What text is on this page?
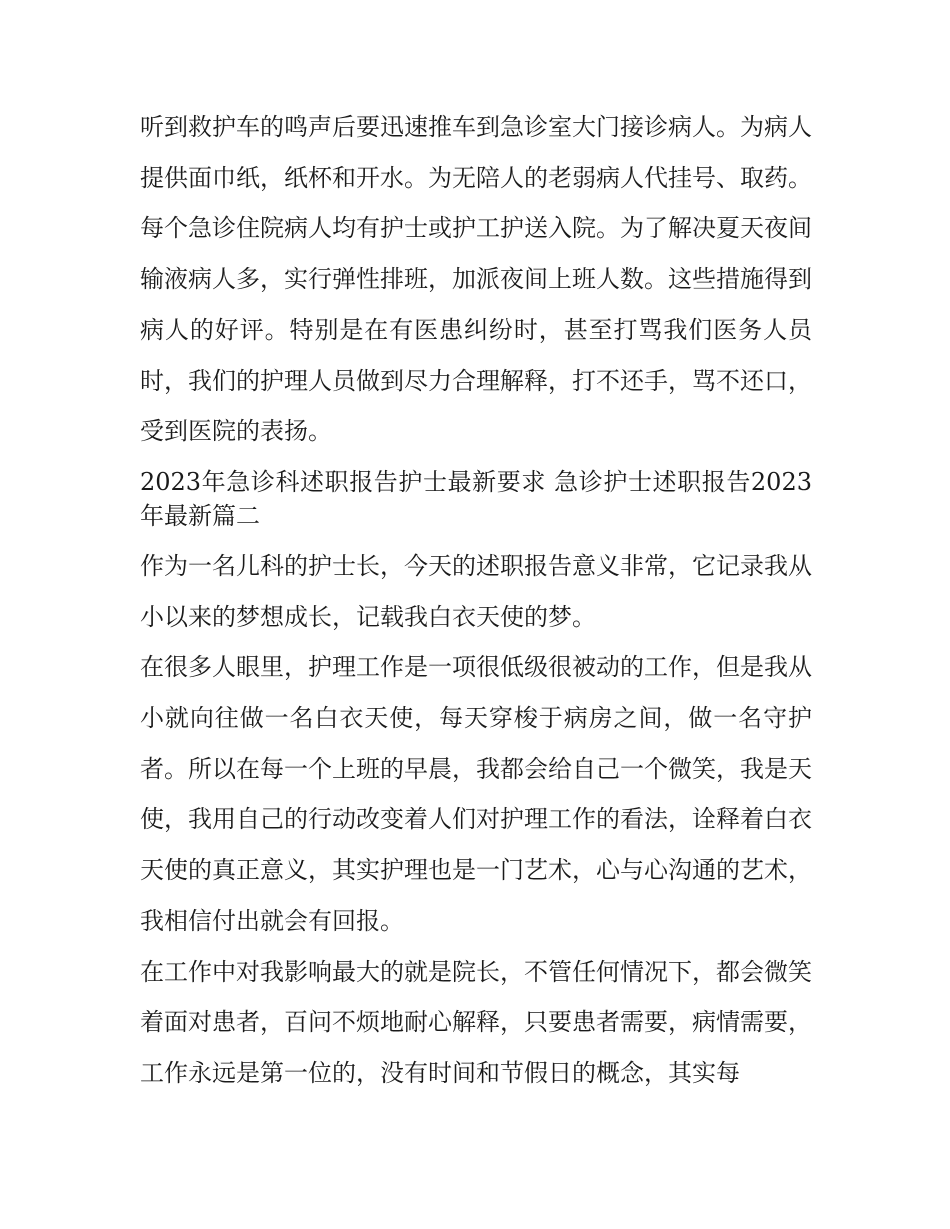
听到救护车的鸣声后要迅速推车到急诊室大门接诊病人。为病人提供面巾纸，纸杯和开水。为无陪人的老弱病人代挂号、取药。每个急诊住院病人均有护士或护工护送入院。为了解决夏天夜间输液病人多，实行弹性排班，加派夜间上班人数。这些措施得到病人的好评。特别是在有医患纠纷时，甚至打骂我们医务人员时，我们的护理人员做到尽力合理解释，打不还手，骂不还口，受到医院的表扬。

2023年急诊科述职报告护士最新要求 急诊护士述职报告2023年最新篇二

作为一名儿科的护士长，今天的述职报告意义非常，它记录我从小以来的梦想成长，记载我白衣天使的梦。

在很多人眼里，护理工作是一项很低级很被动的工作，但是我从小就向往做一名白衣天使，每天穿梭于病房之间，做一名守护者。所以在每一个上班的早晨，我都会给自己一个微笑，我是天使，我用自己的行动改变着人们对护理工作的看法，诠释着白衣天使的真正意义，其实护理也是一门艺术，心与心沟通的艺术，我相信付出就会有回报。

在工作中对我影响最大的就是院长，不管任何情况下，都会微笑着面对患者，百问不烦地耐心解释，只要患者需要，病情需要，工作永远是第一位的，没有时间和节假日的概念，其实每
